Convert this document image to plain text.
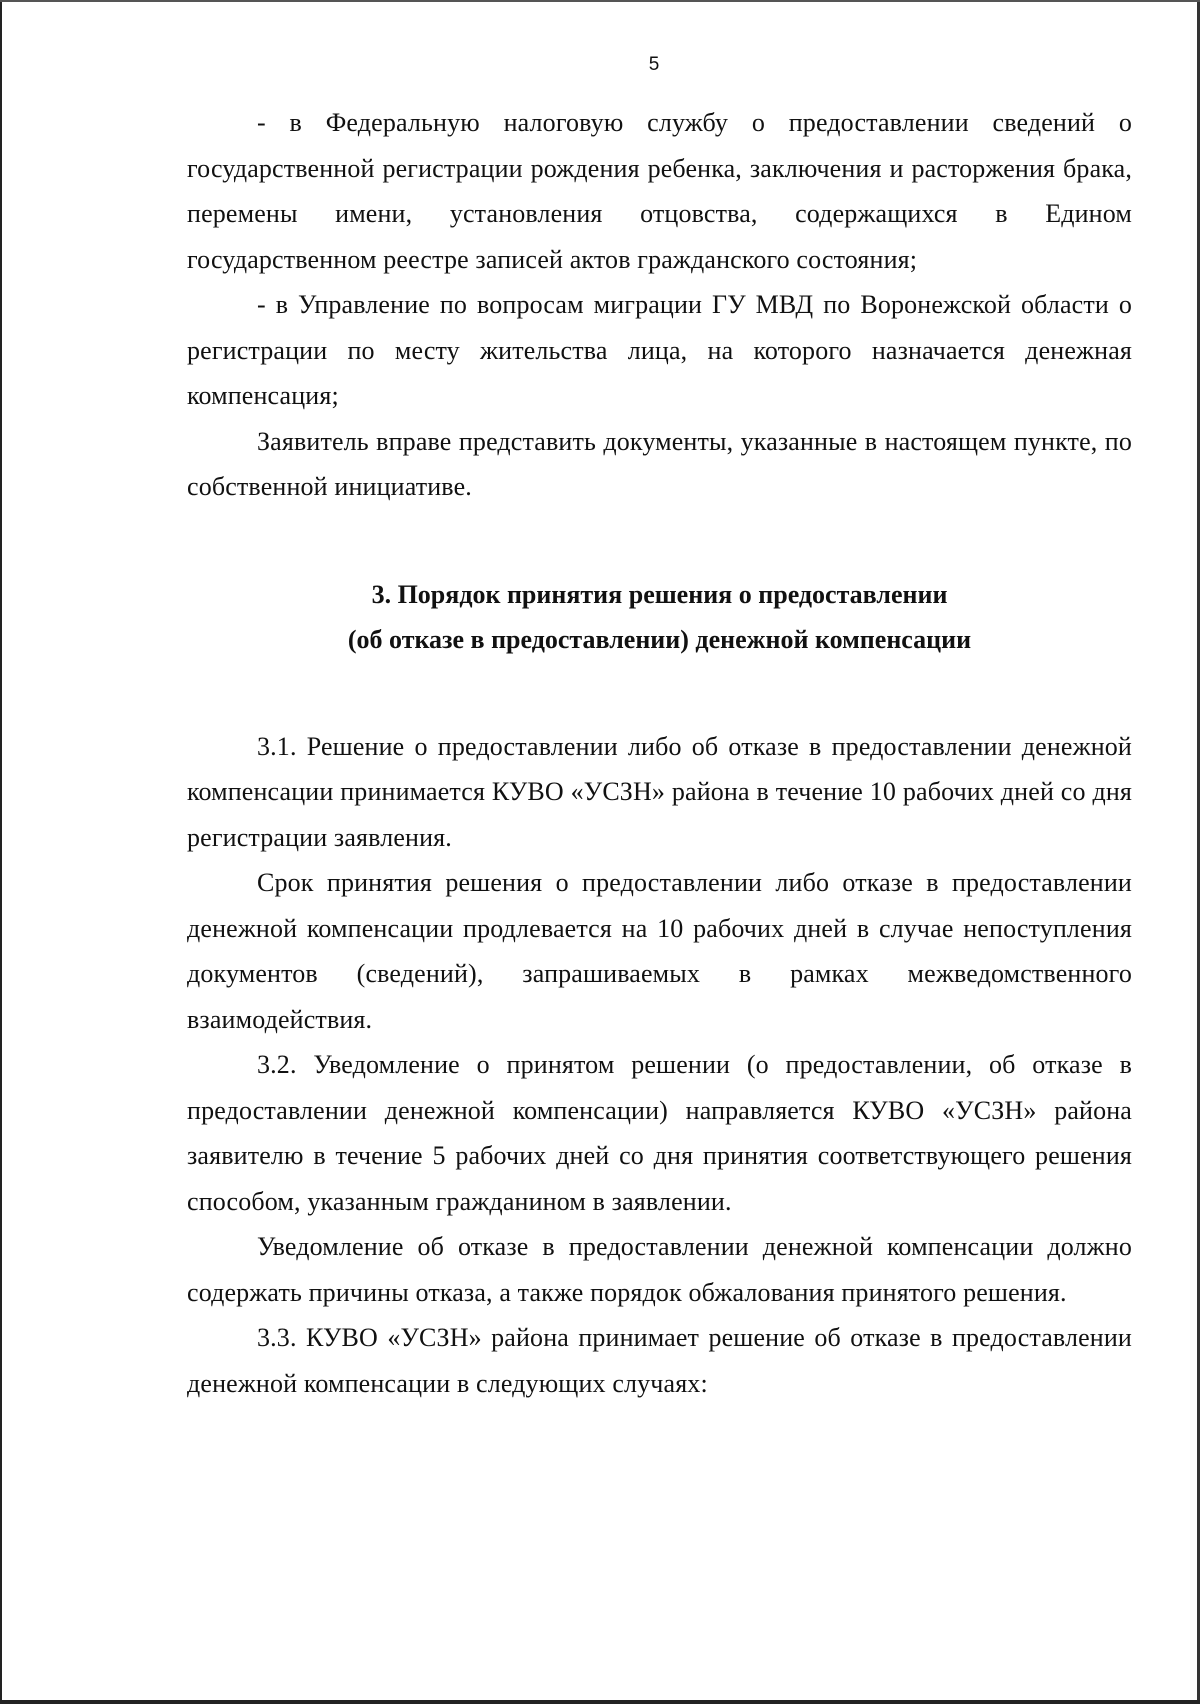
5

- в Федеральную налоговую службу о предоставлении сведений о государственной регистрации рождения ребенка, заключения и расторжения брака, перемены имени, установления отцовства, содержащихся в Едином государственном реестре записей актов гражданского состояния;

- в Управление по вопросам миграции ГУ МВД по Воронежской области о регистрации по месту жительства лица, на которого назначается денежная компенсация;

Заявитель вправе представить документы, указанные в настоящем пункте, по собственной инициативе.

3. Порядок принятия решения о предоставлении
(об отказе в предоставлении) денежной компенсации

3.1. Решение о предоставлении либо об отказе в предоставлении денежной компенсации принимается КУВО «УСЗН» района в течение 10 рабочих дней со дня регистрации заявления.

Срок принятия решения о предоставлении либо отказе в предоставлении денежной компенсации продлевается на 10 рабочих дней в случае непоступления документов (сведений), запрашиваемых в рамках межведомственного взаимодействия.

3.2. Уведомление о принятом решении (о предоставлении, об отказе в предоставлении денежной компенсации) направляется КУВО «УСЗН» района заявителю в течение 5 рабочих дней со дня принятия соответствующего решения способом, указанным гражданином в заявлении.

Уведомление об отказе в предоставлении денежной компенсации должно содержать причины отказа, а также порядок обжалования принятого решения.

3.3. КУВО «УСЗН» района принимает решение об отказе в предоставлении денежной компенсации в следующих случаях:
